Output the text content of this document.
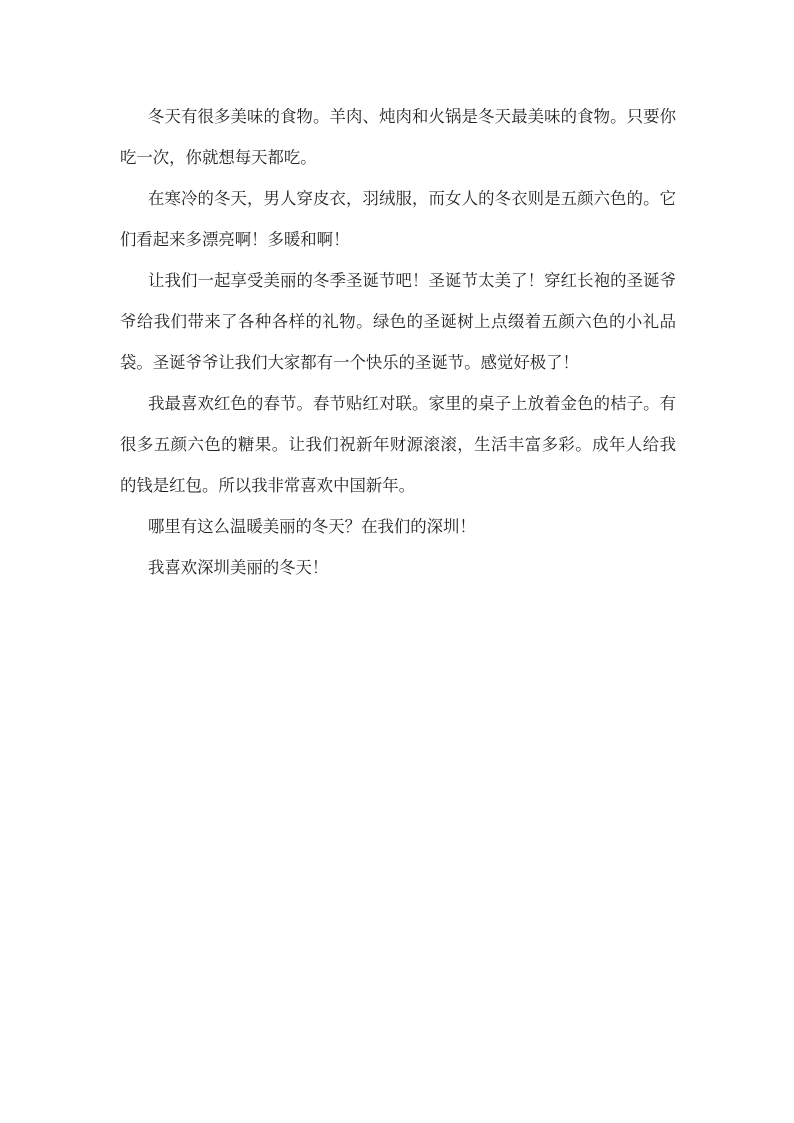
冬天有很多美味的食物。羊肉、炖肉和火锅是冬天最美味的食物。只要你吃一次，你就想每天都吃。

在寒冷的冬天，男人穿皮衣，羽绒服，而女人的冬衣则是五颜六色的。它们看起来多漂亮啊！多暖和啊！

让我们一起享受美丽的冬季圣诞节吧！圣诞节太美了！穿红长袍的圣诞爷爷给我们带来了各种各样的礼物。绿色的圣诞树上点缀着五颜六色的小礼品袋。圣诞爷爷让我们大家都有一个快乐的圣诞节。感觉好极了！

我最喜欢红色的春节。春节贴红对联。家里的桌子上放着金色的桔子。有很多五颜六色的糖果。让我们祝新年财源滚滚，生活丰富多彩。成年人给我的钱是红包。所以我非常喜欢中国新年。

哪里有这么温暖美丽的冬天？在我们的深圳！

我喜欢深圳美丽的冬天！
